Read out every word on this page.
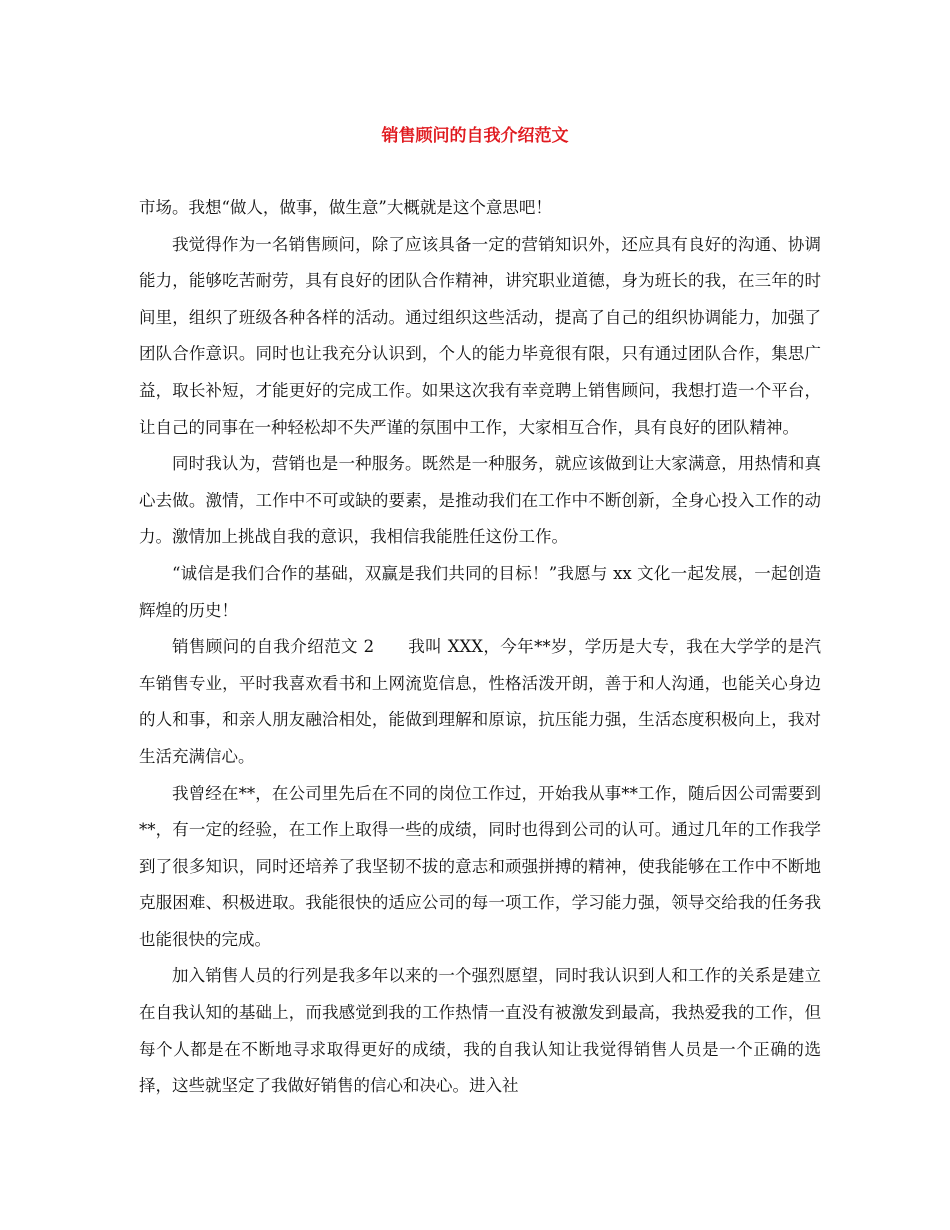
销售顾问的自我介绍范文

市场。我想“做人，做事，做生意”大概就是这个意思吧！

我觉得作为一名销售顾问，除了应该具备一定的营销知识外，还应具有良好的沟通、协调能力，能够吃苦耐劳，具有良好的团队合作精神，讲究职业道德，身为班长的我，在三年的时间里，组织了班级各种各样的活动。通过组织这些活动，提高了自己的组织协调能力，加强了团队合作意识。同时也让我充分认识到，个人的能力毕竟很有限，只有通过团队合作，集思广益，取长补短，才能更好的完成工作。如果这次我有幸竞聘上销售顾问，我想打造一个平台，让自己的同事在一种轻松却不失严谨的氛围中工作，大家相互合作，具有良好的团队精神。

同时我认为，营销也是一种服务。既然是一种服务，就应该做到让大家满意，用热情和真心去做。激情，工作中不可或缺的要素，是推动我们在工作中不断创新，全身心投入工作的动力。激情加上挑战自我的意识，我相信我能胜任这份工作。

“诚信是我们合作的基础，双赢是我们共同的目标！”我愿与 xx 文化一起发展，一起创造辉煌的历史！

销售顾问的自我介绍范文 2　　我叫 XXX，今年**岁，学历是大专，我在大学学的是汽车销售专业，平时我喜欢看书和上网流览信息，性格活泼开朗，善于和人沟通，也能关心身边的人和事，和亲人朋友融洽相处，能做到理解和原谅，抗压能力强，生活态度积极向上，我对生活充满信心。

我曾经在**，在公司里先后在不同的岗位工作过，开始我从事**工作，随后因公司需要到**，有一定的经验，在工作上取得一些的成绩，同时也得到公司的认可。通过几年的工作我学到了很多知识，同时还培养了我坚韧不拔的意志和顽强拼搏的精神，使我能够在工作中不断地克服困难、积极进取。我能很快的适应公司的每一项工作，学习能力强，领导交给我的任务我也能很快的完成。

加入销售人员的行列是我多年以来的一个强烈愿望，同时我认识到人和工作的关系是建立在自我认知的基础上，而我感觉到我的工作热情一直没有被激发到最高，我热爱我的工作，但每个人都是在不断地寻求取得更好的成绩，我的自我认知让我觉得销售人员是一个正确的选择，这些就坚定了我做好销售的信心和决心。进入社
